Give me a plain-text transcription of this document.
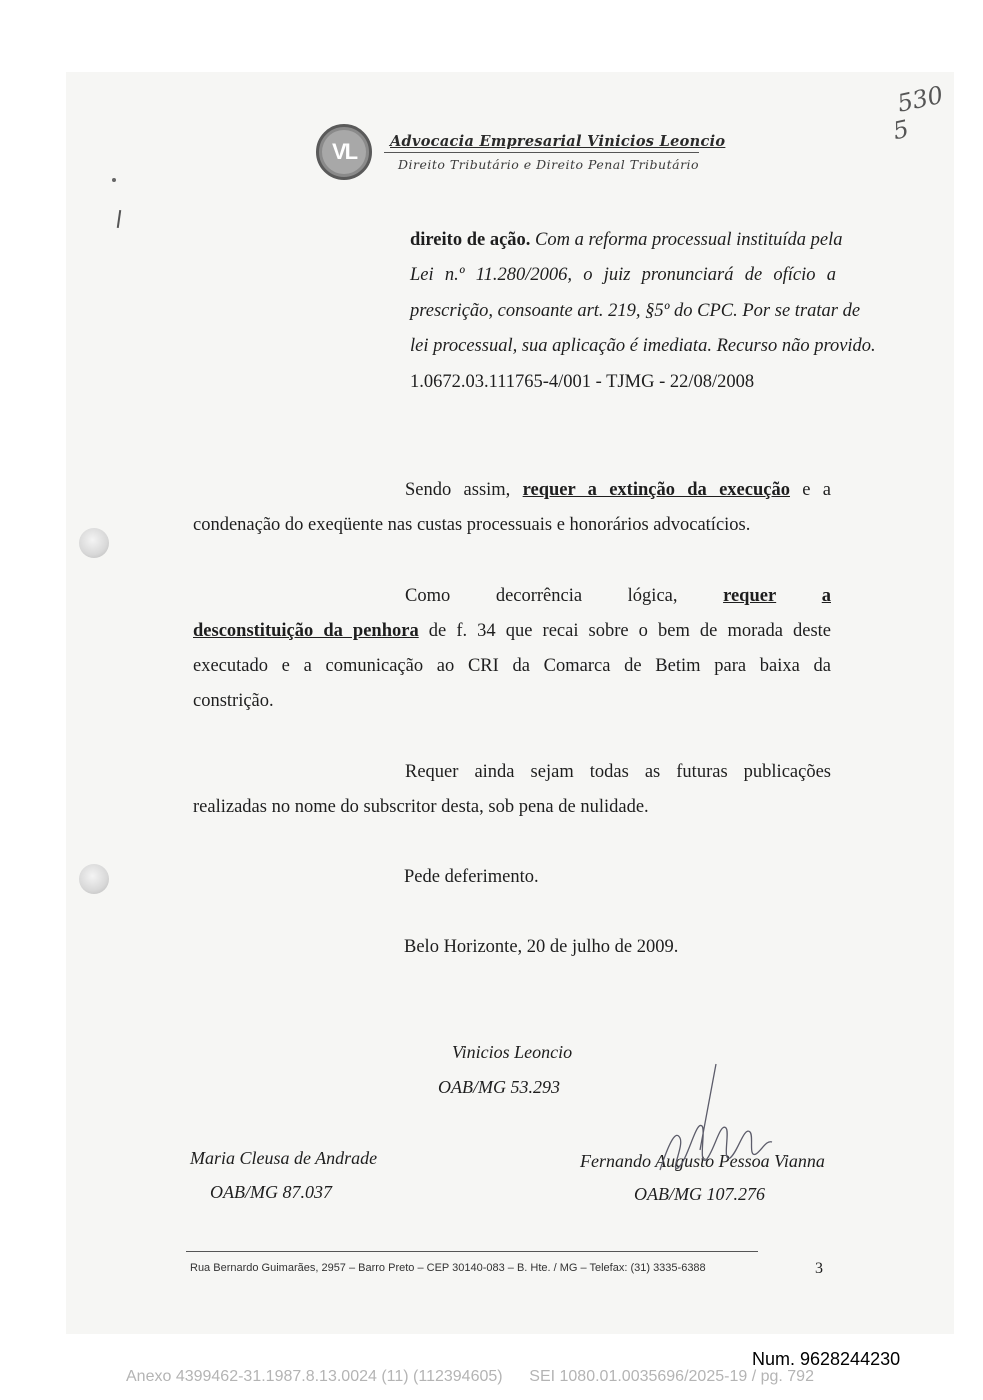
530
5
VL	Advocacia Empresarial Vinicios Leoncio
Direito Tributário e Direito Penal Tributário
direito de ação. Com a reforma processual instituída pela
Lei n.º 11.280/2006, o juiz pronunciará de ofício a
prescrição, consoante art. 219, §5º do CPC. Por se tratar de
lei processual, sua aplicação é imediata. Recurso não provido.
1.0672.03.111765-4/001 - TJMG - 22/08/2008
Sendo assim, requer a extinção da execução e a
condenação do exeqüente nas custas processuais e honorários advocatícios.
Como decorrência lógica, requer a
desconstituição da penhora de f. 34 que recai sobre o bem de morada deste
executado e a comunicação ao CRI da Comarca de Betim para baixa da
constrição.
Requer ainda sejam todas as futuras publicações
realizadas no nome do subscritor desta, sob pena de nulidade.
Pede deferimento.
Belo Horizonte, 20 de julho de 2009.
Vinicios Leoncio
OAB/MG 53.293
Maria Cleusa de Andrade
OAB/MG 87.037
Fernando Augusto Pessoa Vianna
OAB/MG 107.276
Rua Bernardo Guimarães, 2957 – Barro Preto – CEP 30140-083 – B. Hte. / MG – Telefax: (31) 3335-6388	3
Num. 9628244230
Anexo 4399462-31.1987.8.13.0024 (11) (112394605)      SEI 1080.01.0035696/2025-19 / pg. 792
